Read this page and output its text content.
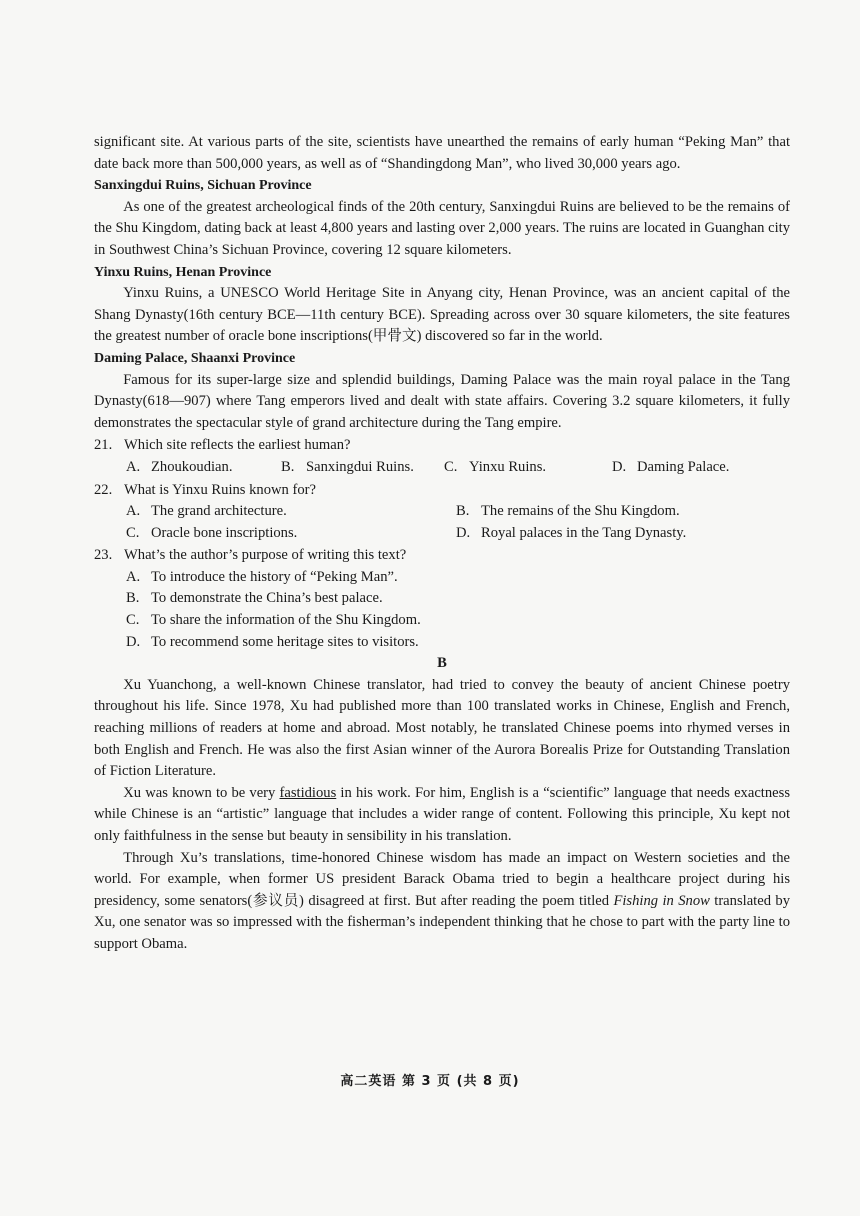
significant site. At various parts of the site, scientists have unearthed the remains of early human “Peking Man” that date back more than 500,000 years, as well as of “Shandingdong Man”, who lived 30,000 years ago.

Sanxingdui Ruins, Sichuan Province

As one of the greatest archeological finds of the 20th century, Sanxingdui Ruins are believed to be the remains of the Shu Kingdom, dating back at least 4,800 years and lasting over 2,000 years. The ruins are located in Guanghan city in Southwest China’s Sichuan Province, covering 12 square kilometers.

Yinxu Ruins, Henan Province

Yinxu Ruins, a UNESCO World Heritage Site in Anyang city, Henan Province, was an ancient capital of the Shang Dynasty(16th century BCE—11th century BCE). Spreading across over 30 square kilometers, the site features the greatest number of oracle bone inscriptions(甲骨文) discovered so far in the world.

Daming Palace, Shaanxi Province

Famous for its super-large size and splendid buildings, Daming Palace was the main royal palace in the Tang Dynasty(618—907) where Tang emperors lived and dealt with state affairs. Covering 3.2 square kilometers, it fully demonstrates the spectacular style of grand architecture during the Tang empire.

21. Which site reflects the earliest human?

A. Zhoukoudian.	B. Sanxingdui Ruins.	C. Yinxu Ruins.	D. Daming Palace.

22. What is Yinxu Ruins known for?

A. The grand architecture.	B. The remains of the Shu Kingdom.
C. Oracle bone inscriptions.	D. Royal palaces in the Tang Dynasty.

23. What’s the author’s purpose of writing this text?

A. To introduce the history of “Peking Man”.
B. To demonstrate the China’s best palace.
C. To share the information of the Shu Kingdom.
D. To recommend some heritage sites to visitors.

B

Xu Yuanchong, a well-known Chinese translator, had tried to convey the beauty of ancient Chinese poetry throughout his life. Since 1978, Xu had published more than 100 translated works in Chinese, English and French, reaching millions of readers at home and abroad. Most notably, he translated Chinese poems into rhymed verses in both English and French. He was also the first Asian winner of the Aurora Borealis Prize for Outstanding Translation of Fiction Literature.

Xu was known to be very fastidious in his work. For him, English is a “scientific” language that needs exactness while Chinese is an “artistic” language that includes a wider range of content. Following this principle, Xu kept not only faithfulness in the sense but beauty in sensibility in his translation.

Through Xu’s translations, time-honored Chinese wisdom has made an impact on Western societies and the world. For example, when former US president Barack Obama tried to begin a healthcare project during his presidency, some senators(参议员) disagreed at first. But after reading the poem titled Fishing in Snow translated by Xu, one senator was so impressed with the fisherman’s independent thinking that he chose to part with the party line to support Obama.

高二英语 第 3 页 (共 8 页)
